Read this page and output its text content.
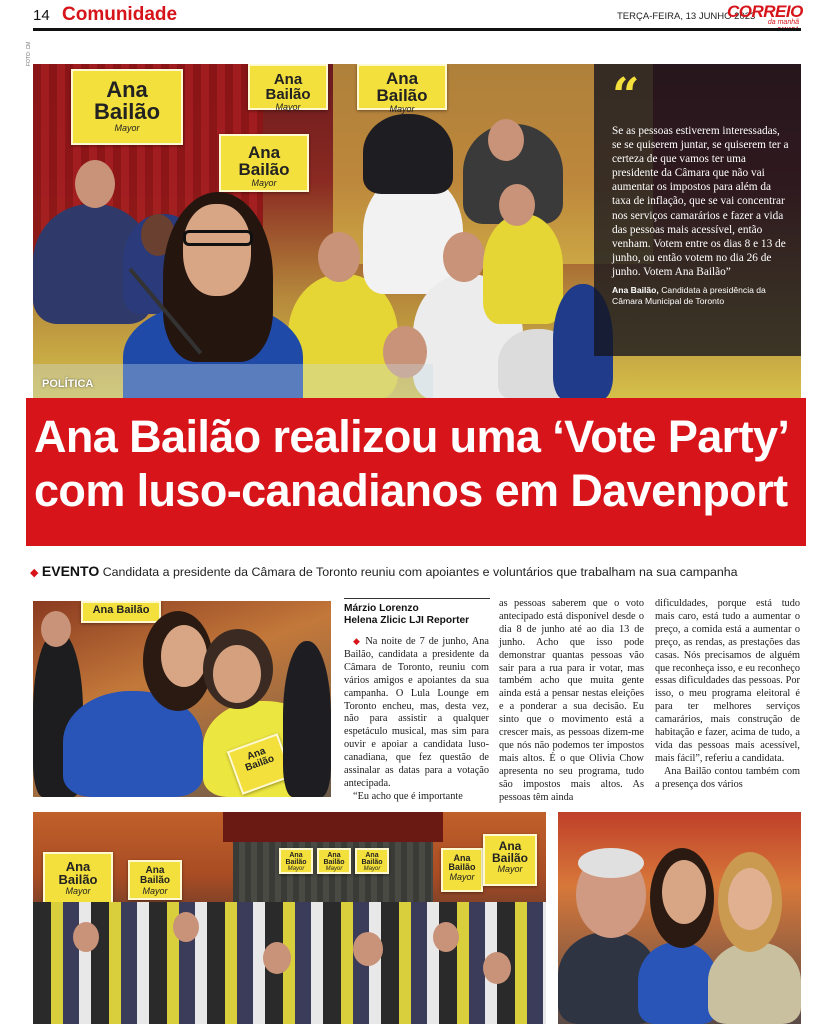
14 Comunidade	TERÇA-FEIRA, 13 JUNHO 2023
CORREIO
da manhã
FOTO: CM
Ana Bailão
Mayor
Ana Bailão
Mayor
Ana Bailão
Mayor
Ana Bailão
Mayor
POLÍTICA
“

Se as pessoas estiverem interessadas, se se quiserem juntar, se quiserem ter a certeza de que vamos ter uma presidente da Câmara que não vai aumentar os impostos para além da taxa de inflação, que se vai concentrar nos serviços camarários e fazer a vida das pessoas mais acessível, então venham. Votem entre os dias 8 e 13 de junho, ou então votem no dia 26 de junho. Votem Ana Bailão”

Ana Bailão, Candidata à presidência da Câmara Municipal de Toronto

Ana Bailão realizou uma ‘Vote Party’
com luso-canadianos em Davenport

◆ EVENTO Candidata a presidente da Câmara de Toronto reuniu com apoiantes e voluntários que trabalham na sua campanha

Ana Bailão
Ana Bailão
Márzio Lorenzo
Helena Zlicic LJI Reporter

◆ Na noite de 7 de junho, Ana Bailão, candidata a presidente da Câmara de Toronto, reuniu com vários amigos e apoiantes da sua campanha. O Lula Lounge em Toronto encheu, mas, desta vez, não para assistir a qualquer espetáculo musical, mas sim para ouvir e apoiar a candidata luso-canadiana, que fez questão de assinalar as datas para a votação antecipada.

“Eu acho que é importante

as pessoas saberem que o voto antecipado está disponível desde o dia 8 de junho até ao dia 13 de junho. Acho que isso pode demonstrar quantas pessoas vão sair para a rua para ir votar, mas também acho que muita gente ainda está a pensar nestas eleições e a ponderar a sua decisão. Eu sinto que o movimento está a crescer mais, as pessoas dizem-me que nós não podemos ter impostos mais altos. É o que Olivia Chow apresenta no seu programa, tudo são impostos mais altos. As pessoas têm ainda

dificuldades, porque está tudo mais caro, está tudo a aumentar o preço, a comida está a aumentar o preço, as rendas, as prestações das casas. Nós precisamos de alguém que reconheça isso, e eu reconheço essas dificuldades das pessoas. Por isso, o meu programa eleitoral é para ter melhores serviços camarários, mais construção de habitação e fazer, acima de tudo, a vida das pessoas mais acessível, mais fácil”, referiu a candidata.

Ana Bailão contou também com a presença dos vários

Ana Bailão
Mayor
Ana Bailão
Mayor
Ana Bailão
Mayor
Ana Bailão
Mayor
Ana Bailão
Mayor
Ana Bailão
Mayor
Ana Bailão
Mayor
